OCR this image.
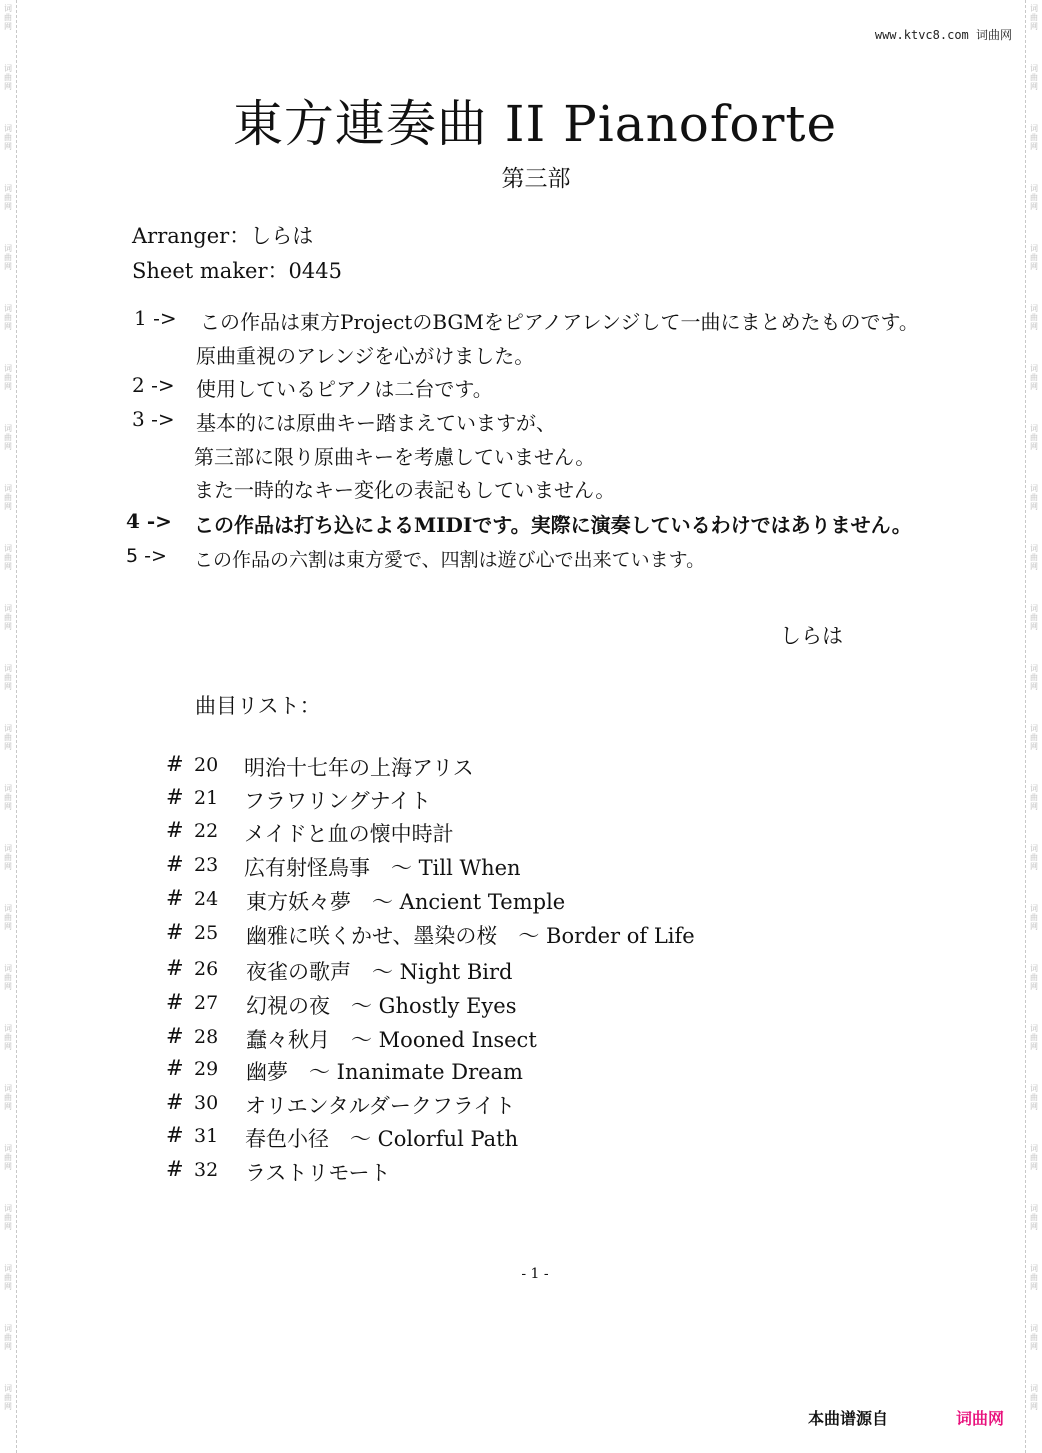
词
曲
网
词
曲
网
词
曲
网
词
曲
网
词
曲
网
词
曲
网
词
曲
网
词
曲
网
词
曲
网
词
曲
网
词
曲
网
词
曲
网
词
曲
网
词
曲
网
词
曲
网
词
曲
网
词
曲
网
词
曲
网
词
曲
网
词
曲
网
词
曲
网
词
曲
网
词
曲
网
词
曲
网
词
曲
网
词
曲
网
词
曲
网
词
曲
网
词
曲
网
词
曲
网
词
曲
网
词
曲
网
词
曲
网
词
曲
网
词
曲
网
词
曲
网
词
曲
网
词
曲
网
词
曲
网
词
曲
网
词
曲
网
词
曲
网
词
曲
网
词
曲
网
词
曲
网
词
曲
网
词
曲
网
词
曲
网
www.ktvc8.com 词曲网
東方連奏曲 II Pianoforte
第三部
Arranger：しらは
Sheet maker：0445
1 -> この作品は東方ProjectのBGMをピアノアレンジして一曲にまとめたものです。
原曲重視のアレンジを心がけました。
2 -> 使用しているピアノは二台です。
3 -> 基本的には原曲キー踏まえていますが、
第三部に限り原曲キーを考慮していません。
また一時的なキー変化の表記もしていません。
4 -> この作品は打ち込によるMIDIです。実際に演奏しているわけではありません。
5 -> この作品の六割は東方愛で、四割は遊び心で出来ています。
しらは
曲目リスト：
# 20 明治十七年の上海アリス
# 21 フラワリングナイト
# 22 メイドと血の懐中時計
# 23 広有射怪鳥事　～ Till When
# 24 東方妖々夢　～ Ancient Temple
# 25 幽雅に咲くかせ、墨染の桜　～ Border of Life
# 26 夜雀の歌声　～ Night Bird
# 27 幻視の夜　～ Ghostly Eyes
# 28 蠢々秋月　～ Mooned Insect
# 29 幽夢　～ Inanimate Dream
# 30 オリエンタルダークフライト
# 31 春色小径　～ Colorful Path
# 32 ラストリモート
- 1 -
本曲谱源自	词曲网
